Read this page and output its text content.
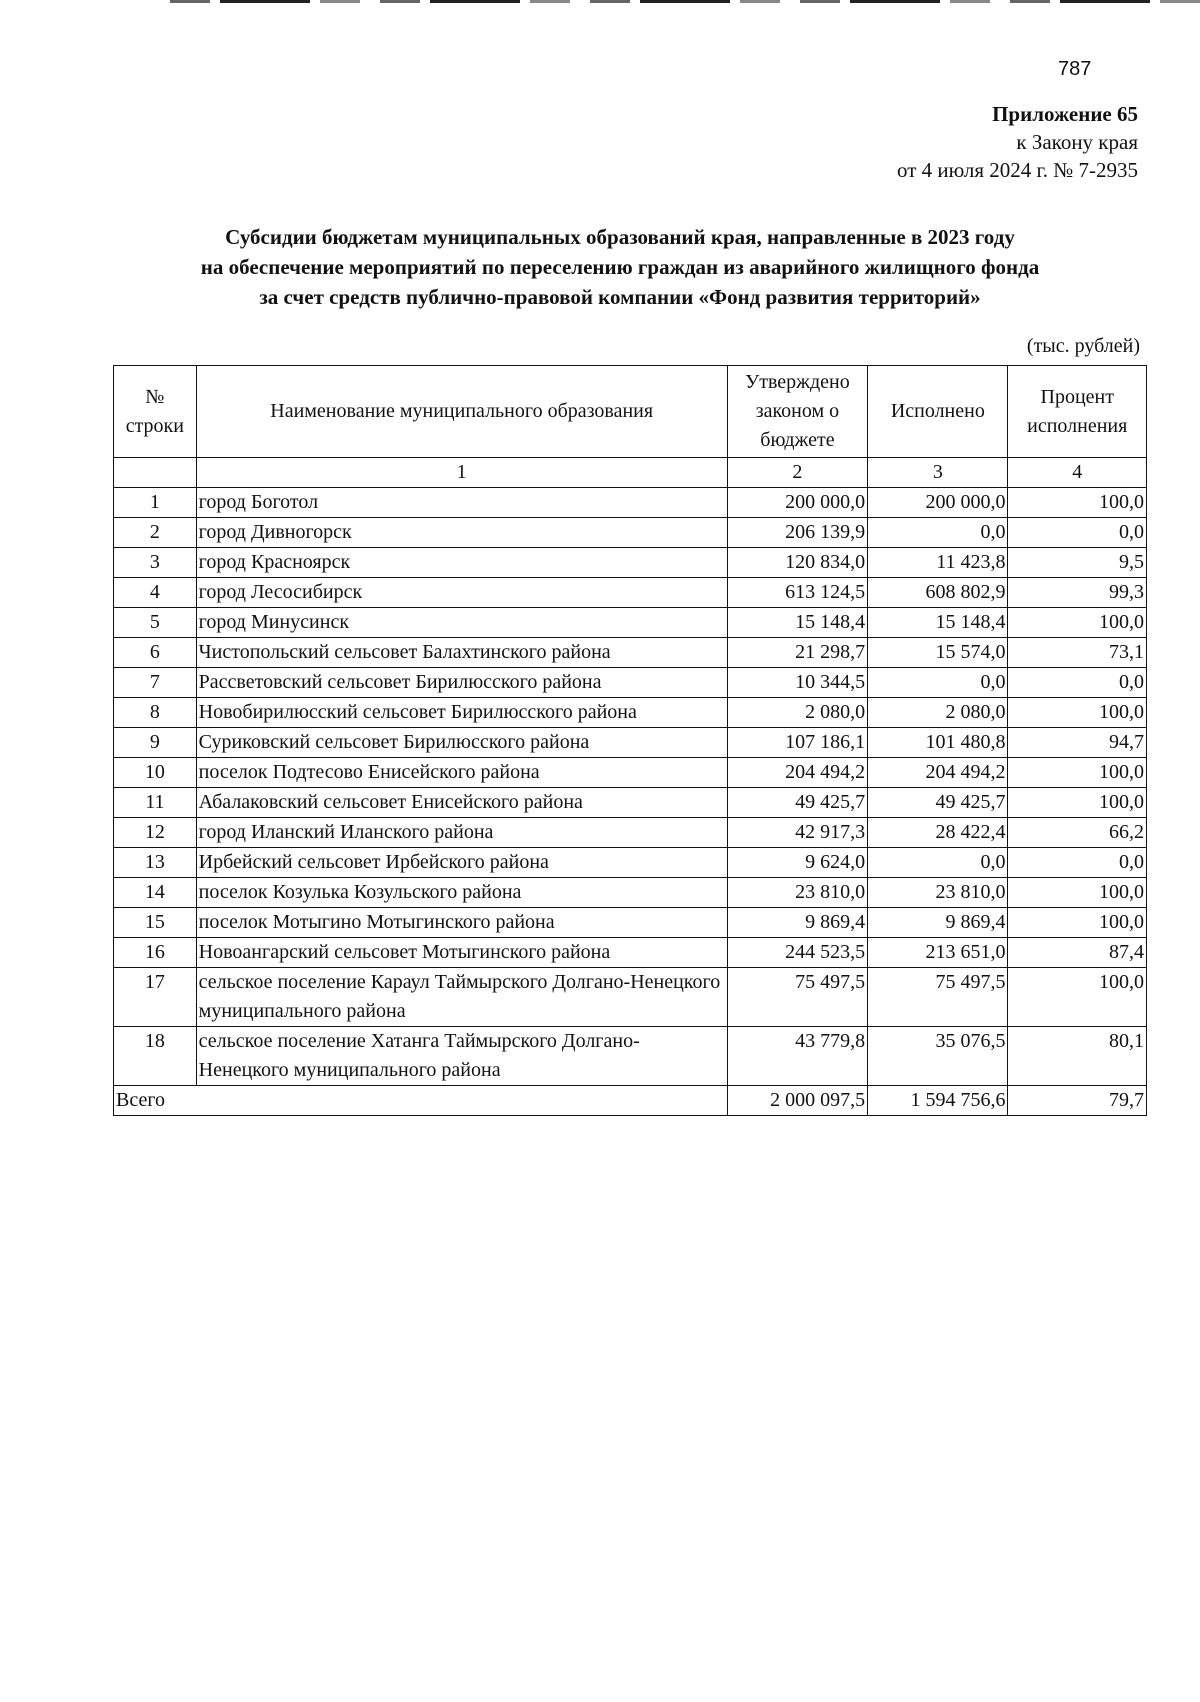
787
Приложение 65
к Закону края
от 4 июля 2024 г. № 7-2935
Субсидии бюджетам муниципальных образований края, направленные в 2023 году
на обеспечение мероприятий по переселению граждан из аварийного жилищного фонда
за счет средств публично-правовой компании «Фонд развития территорий»
(тыс. рублей)
№ строки	Наименование муниципального образования	Утверждено законом о бюджете	Исполнено	Процент исполнения
	1	2	3	4
1	город Боготол	200 000,0	200 000,0	100,0
2	город Дивногорск	206 139,9	0,0	0,0
3	город Красноярск	120 834,0	11 423,8	9,5
4	город Лесосибирск	613 124,5	608 802,9	99,3
5	город Минусинск	15 148,4	15 148,4	100,0
6	Чистопольский сельсовет Балахтинского района	21 298,7	15 574,0	73,1
7	Рассветовский сельсовет Бирилюсского района	10 344,5	0,0	0,0
8	Новобирилюсский сельсовет Бирилюсского района	2 080,0	2 080,0	100,0
9	Суриковский сельсовет Бирилюсского района	107 186,1	101 480,8	94,7
10	поселок Подтесово Енисейского района	204 494,2	204 494,2	100,0
11	Абалаковский сельсовет Енисейского района	49 425,7	49 425,7	100,0
12	город Иланский Иланского района	42 917,3	28 422,4	66,2
13	Ирбейский сельсовет Ирбейского района	9 624,0	0,0	0,0
14	поселок Козулька Козульского района	23 810,0	23 810,0	100,0
15	поселок Мотыгино Мотыгинского района	9 869,4	9 869,4	100,0
16	Новоангарский сельсовет Мотыгинского района	244 523,5	213 651,0	87,4
17	сельское поселение Караул Таймырского Долгано-Ненецкого муниципального района	75 497,5	75 497,5	100,0
18	сельское поселение Хатанга Таймырского Долгано-Ненецкого муниципального района	43 779,8	35 076,5	80,1
Всего		2 000 097,5	1 594 756,6	79,7
